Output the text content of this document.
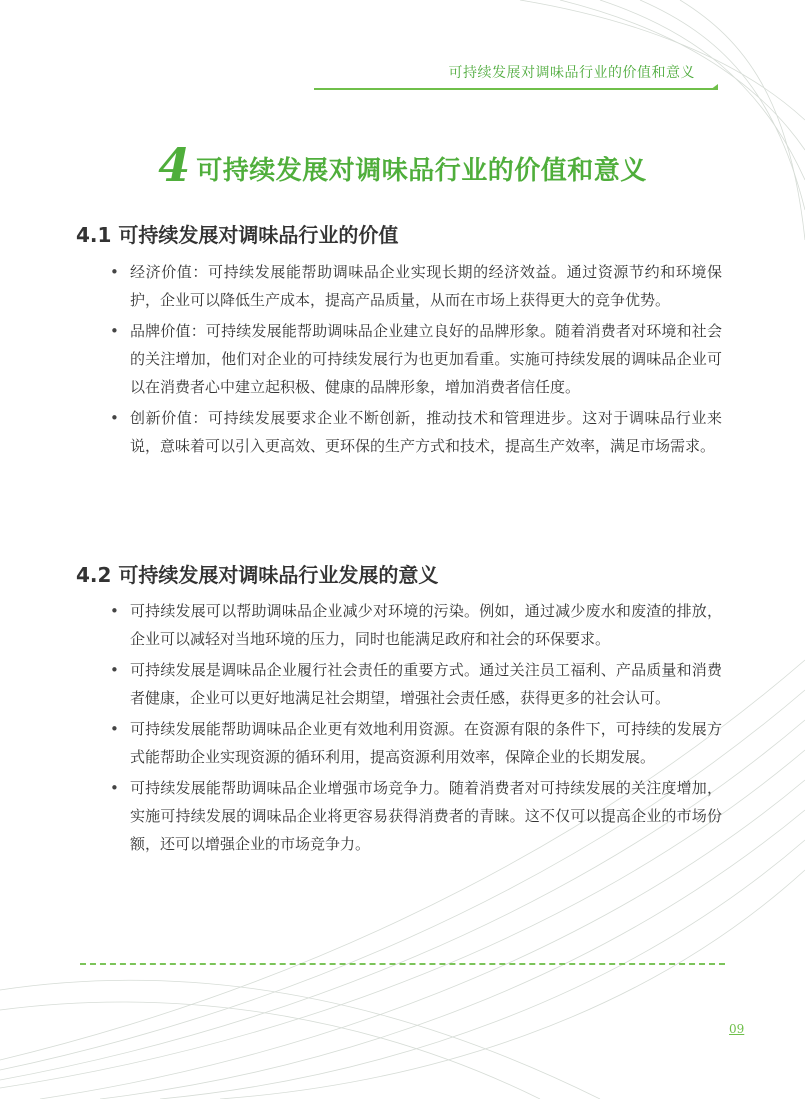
可持续发展对调味品行业的价值和意义
4 可持续发展对调味品行业的价值和意义
4.1 可持续发展对调味品行业的价值
• 经济价值：可持续发展能帮助调味品企业实现长期的经济效益。通过资源节约和环境保护，企业可以降低生产成本，提高产品质量，从而在市场上获得更大的竞争优势。
• 品牌价值：可持续发展能帮助调味品企业建立良好的品牌形象。随着消费者对环境和社会的关注增加，他们对企业的可持续发展行为也更加看重。实施可持续发展的调味品企业可以在消费者心中建立起积极、健康的品牌形象，增加消费者信任度。
• 创新价值：可持续发展要求企业不断创新，推动技术和管理进步。这对于调味品行业来说，意味着可以引入更高效、更环保的生产方式和技术，提高生产效率，满足市场需求。
4.2 可持续发展对调味品行业发展的意义
• 可持续发展可以帮助调味品企业减少对环境的污染。例如，通过减少废水和废渣的排放，企业可以减轻对当地环境的压力，同时也能满足政府和社会的环保要求。
• 可持续发展是调味品企业履行社会责任的重要方式。通过关注员工福利、产品质量和消费者健康，企业可以更好地满足社会期望，增强社会责任感，获得更多的社会认可。
• 可持续发展能帮助调味品企业更有效地利用资源。在资源有限的条件下，可持续的发展方式能帮助企业实现资源的循环利用，提高资源利用效率，保障企业的长期发展。
• 可持续发展能帮助调味品企业增强市场竞争力。随着消费者对可持续发展的关注度增加，实施可持续发展的调味品企业将更容易获得消费者的青睐。这不仅可以提高企业的市场份额，还可以增强企业的市场竞争力。
09
